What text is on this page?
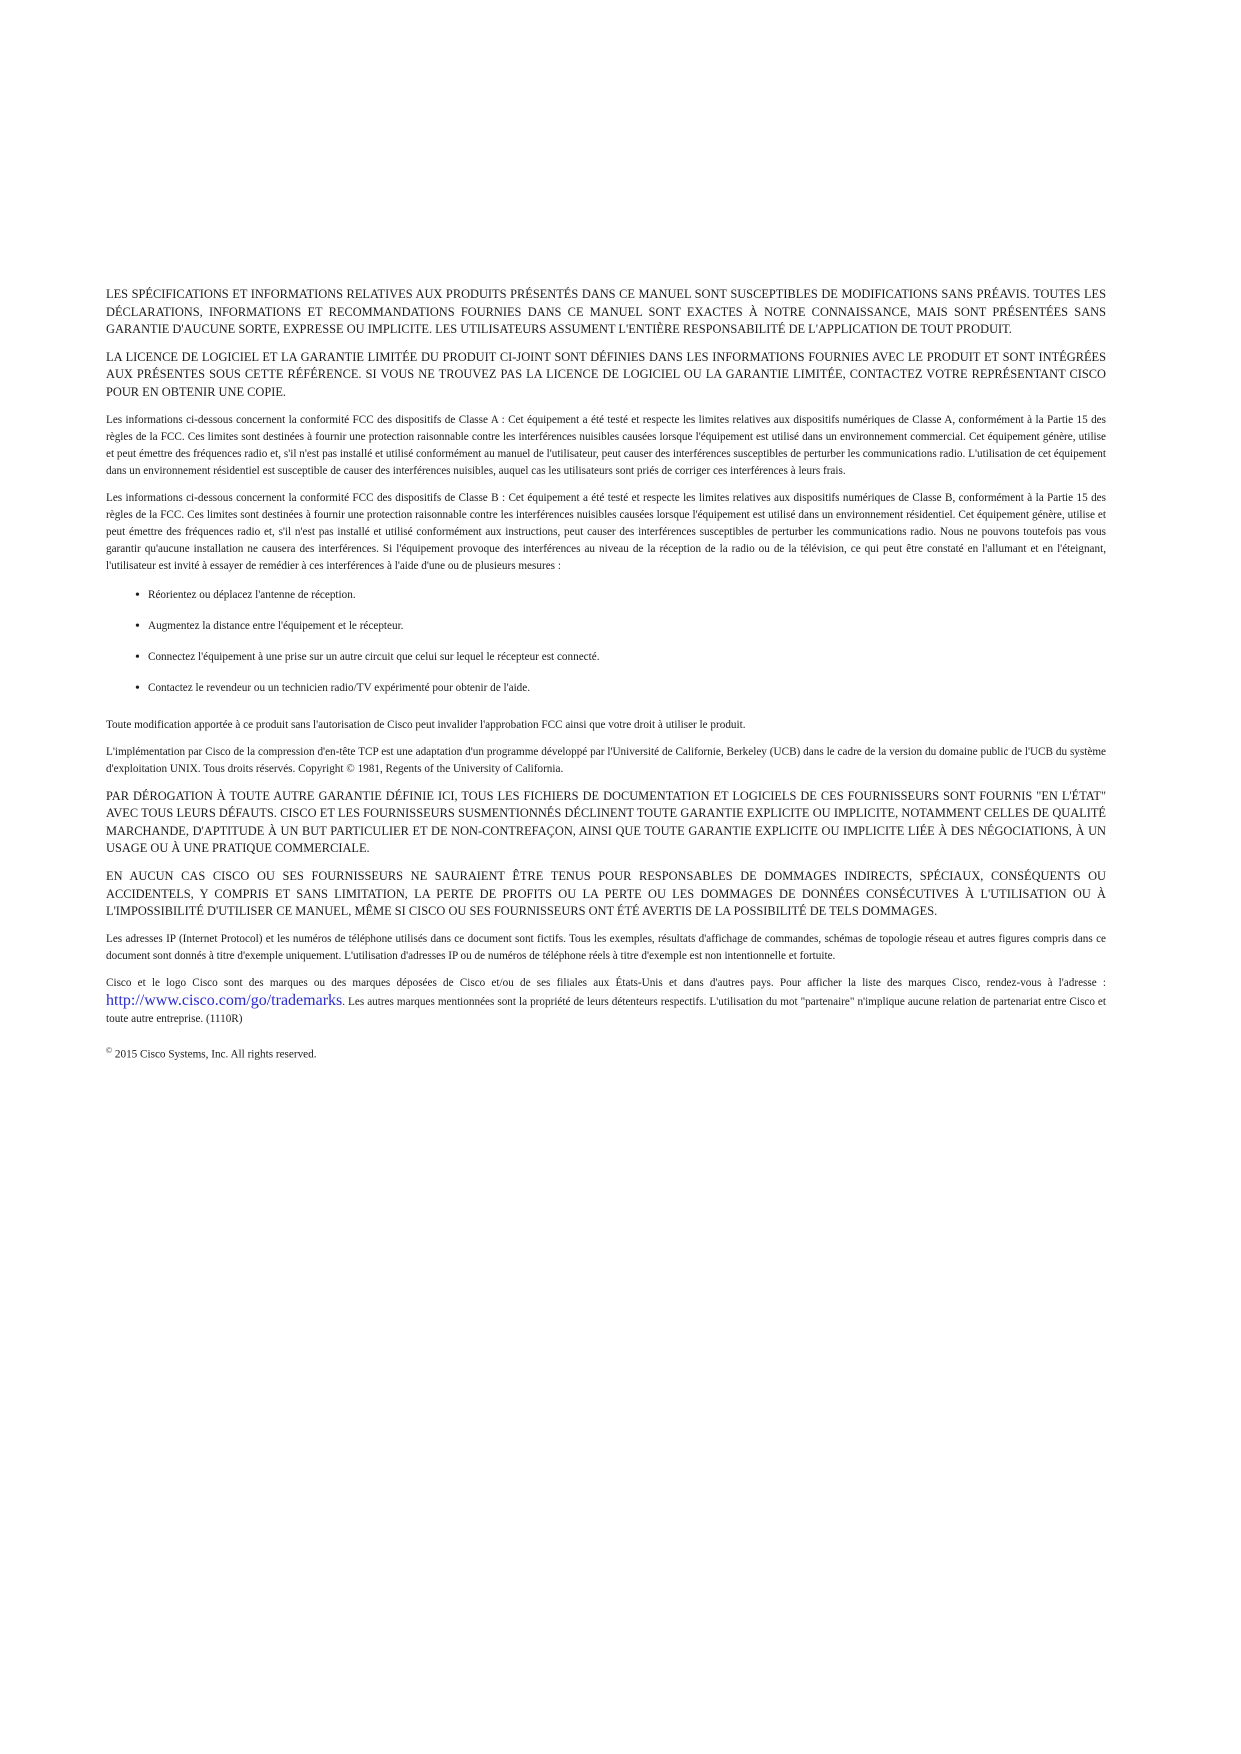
LES SPÉCIFICATIONS ET INFORMATIONS RELATIVES AUX PRODUITS PRÉSENTÉS DANS CE MANUEL SONT SUSCEPTIBLES DE MODIFICATIONS SANS PRÉAVIS. TOUTES LES DÉCLARATIONS, INFORMATIONS ET RECOMMANDATIONS FOURNIES DANS CE MANUEL SONT EXACTES À NOTRE CONNAISSANCE, MAIS SONT PRÉSENTÉES SANS GARANTIE D'AUCUNE SORTE, EXPRESSE OU IMPLICITE. LES UTILISATEURS ASSUMENT L'ENTIÈRE RESPONSABILITÉ DE L'APPLICATION DE TOUT PRODUIT.

LA LICENCE DE LOGICIEL ET LA GARANTIE LIMITÉE DU PRODUIT CI-JOINT SONT DÉFINIES DANS LES INFORMATIONS FOURNIES AVEC LE PRODUIT ET SONT INTÉGRÉES AUX PRÉSENTES SOUS CETTE RÉFÉRENCE. SI VOUS NE TROUVEZ PAS LA LICENCE DE LOGICIEL OU LA GARANTIE LIMITÉE, CONTACTEZ VOTRE REPRÉSENTANT CISCO POUR EN OBTENIR UNE COPIE.

Les informations ci-dessous concernent la conformité FCC des dispositifs de Classe A : Cet équipement a été testé et respecte les limites relatives aux dispositifs numériques de Classe A, conformément à la Partie 15 des règles de la FCC. Ces limites sont destinées à fournir une protection raisonnable contre les interférences nuisibles causées lorsque l'équipement est utilisé dans un environnement commercial. Cet équipement génère, utilise et peut émettre des fréquences radio et, s'il n'est pas installé et utilisé conformément au manuel de l'utilisateur, peut causer des interférences susceptibles de perturber les communications radio. L'utilisation de cet équipement dans un environnement résidentiel est susceptible de causer des interférences nuisibles, auquel cas les utilisateurs sont priés de corriger ces interférences à leurs frais.

Les informations ci-dessous concernent la conformité FCC des dispositifs de Classe B : Cet équipement a été testé et respecte les limites relatives aux dispositifs numériques de Classe B, conformément à la Partie 15 des règles de la FCC. Ces limites sont destinées à fournir une protection raisonnable contre les interférences nuisibles causées lorsque l'équipement est utilisé dans un environnement résidentiel. Cet équipement génère, utilise et peut émettre des fréquences radio et, s'il n'est pas installé et utilisé conformément aux instructions, peut causer des interférences susceptibles de perturber les communications radio. Nous ne pouvons toutefois pas vous garantir qu'aucune installation ne causera des interférences. Si l'équipement provoque des interférences au niveau de la réception de la radio ou de la télévision, ce qui peut être constaté en l'allumant et en l'éteignant, l'utilisateur est invité à essayer de remédier à ces interférences à l'aide d'une ou de plusieurs mesures :

• Réorientez ou déplacez l'antenne de réception.
• Augmentez la distance entre l'équipement et le récepteur.
• Connectez l'équipement à une prise sur un autre circuit que celui sur lequel le récepteur est connecté.
• Contactez le revendeur ou un technicien radio/TV expérimenté pour obtenir de l'aide.

Toute modification apportée à ce produit sans l'autorisation de Cisco peut invalider l'approbation FCC ainsi que votre droit à utiliser le produit.

L'implémentation par Cisco de la compression d'en-tête TCP est une adaptation d'un programme développé par l'Université de Californie, Berkeley (UCB) dans le cadre de la version du domaine public de l'UCB du système d'exploitation UNIX. Tous droits réservés. Copyright © 1981, Regents of the University of California.

PAR DÉROGATION À TOUTE AUTRE GARANTIE DÉFINIE ICI, TOUS LES FICHIERS DE DOCUMENTATION ET LOGICIELS DE CES FOURNISSEURS SONT FOURNIS "EN L'ÉTAT" AVEC TOUS LEURS DÉFAUTS. CISCO ET LES FOURNISSEURS SUSMENTIONNÉS DÉCLINENT TOUTE GARANTIE EXPLICITE OU IMPLICITE, NOTAMMENT CELLES DE QUALITÉ MARCHANDE, D'APTITUDE À UN BUT PARTICULIER ET DE NON-CONTREFAÇON, AINSI QUE TOUTE GARANTIE EXPLICITE OU IMPLICITE LIÉE À DES NÉGOCIATIONS, À UN USAGE OU À UNE PRATIQUE COMMERCIALE.

EN AUCUN CAS CISCO OU SES FOURNISSEURS NE SAURAIENT ÊTRE TENUS POUR RESPONSABLES DE DOMMAGES INDIRECTS, SPÉCIAUX, CONSÉQUENTS OU ACCIDENTELS, Y COMPRIS ET SANS LIMITATION, LA PERTE DE PROFITS OU LA PERTE OU LES DOMMAGES DE DONNÉES CONSÉCUTIVES À L'UTILISATION OU À L'IMPOSSIBILITÉ D'UTILISER CE MANUEL, MÊME SI CISCO OU SES FOURNISSEURS ONT ÉTÉ AVERTIS DE LA POSSIBILITÉ DE TELS DOMMAGES.

Les adresses IP (Internet Protocol) et les numéros de téléphone utilisés dans ce document sont fictifs. Tous les exemples, résultats d'affichage de commandes, schémas de topologie réseau et autres figures compris dans ce document sont donnés à titre d'exemple uniquement. L'utilisation d'adresses IP ou de numéros de téléphone réels à titre d'exemple est non intentionnelle et fortuite.

Cisco et le logo Cisco sont des marques ou des marques déposées de Cisco et/ou de ses filiales aux États-Unis et dans d'autres pays. Pour afficher la liste des marques Cisco, rendez-vous à l'adresse : http://www.cisco.com/go/trademarks. Les autres marques mentionnées sont la propriété de leurs détenteurs respectifs. L'utilisation du mot "partenaire" n'implique aucune relation de partenariat entre Cisco et toute autre entreprise. (1110R)

© 2015 Cisco Systems, Inc. All rights reserved.
